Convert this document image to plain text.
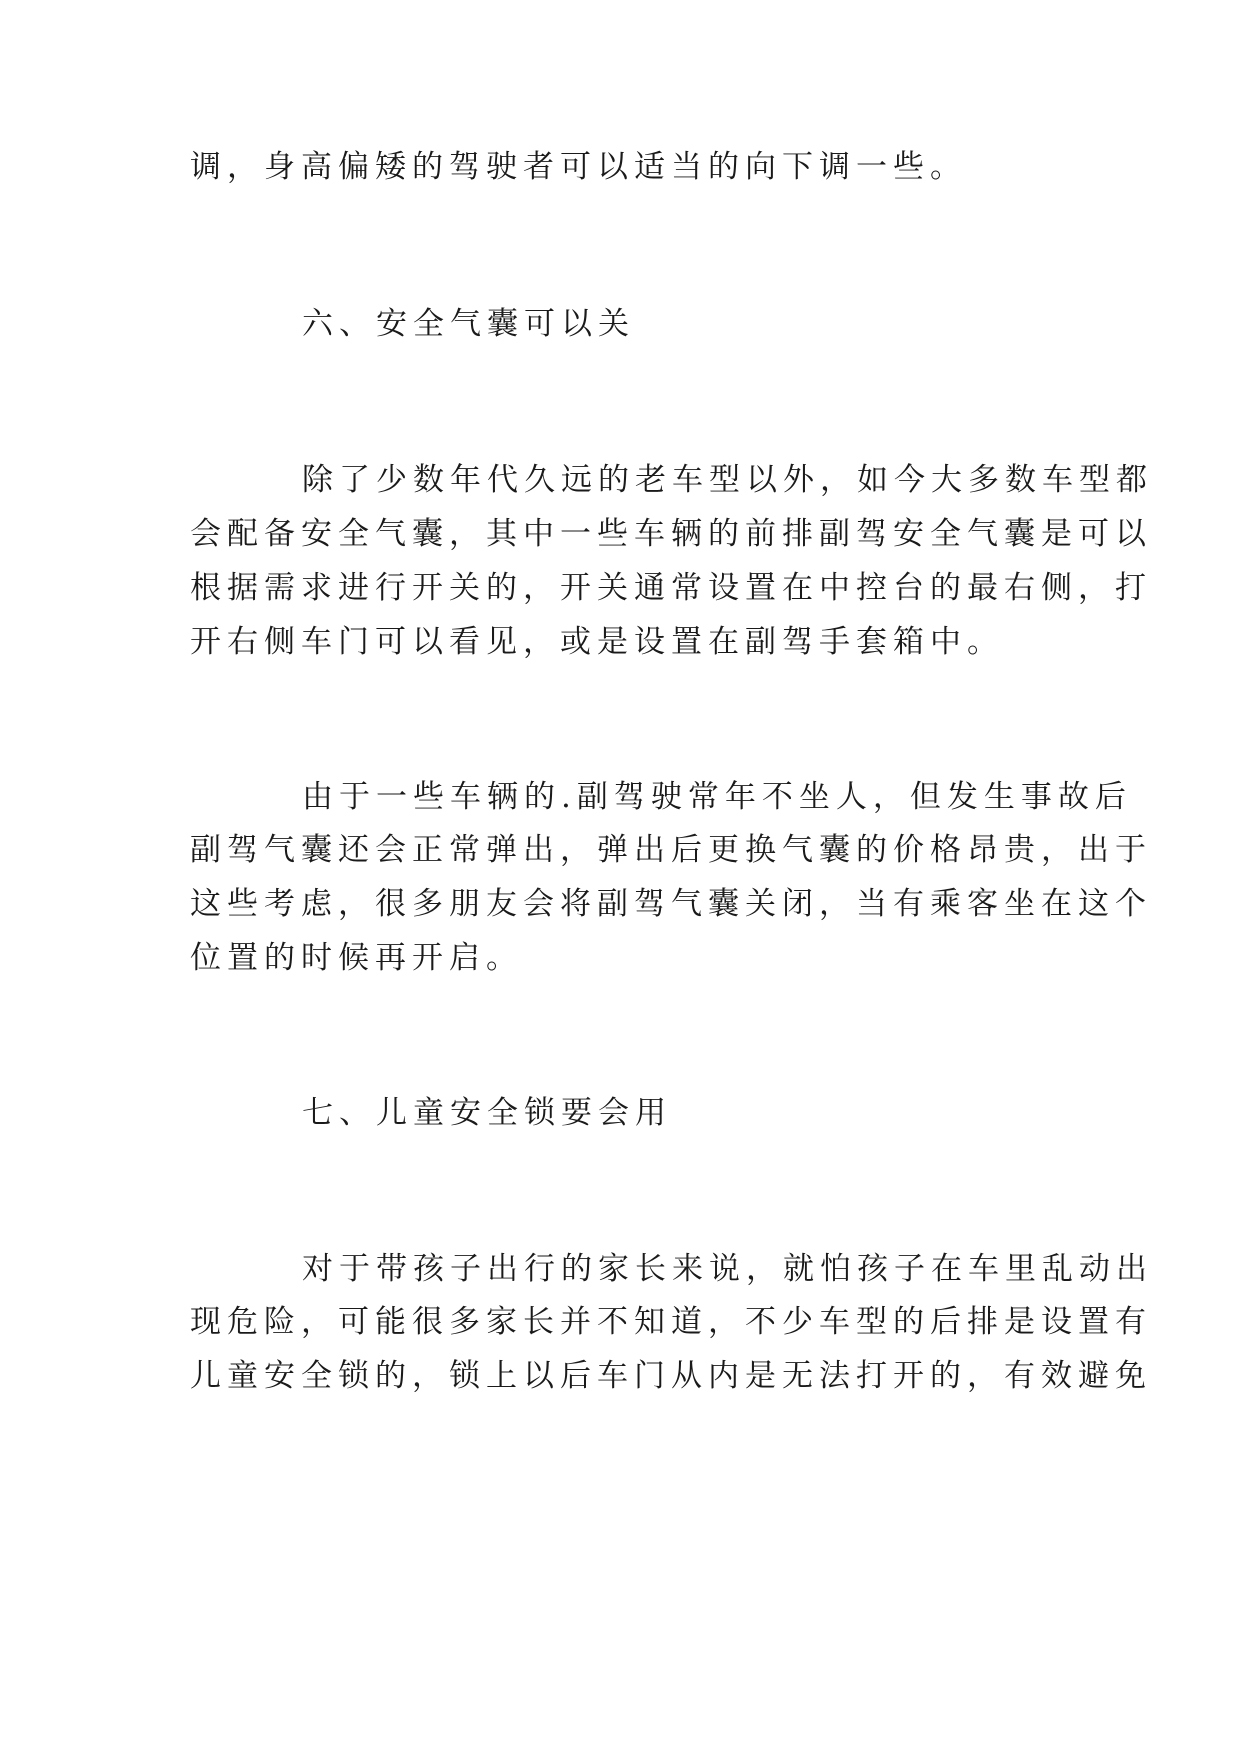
调，身高偏矮的驾驶者可以适当的向下调一些。
六、安全气囊可以关
除了少数年代久远的老车型以外，如今大多数车型都
会配备安全气囊，其中一些车辆的前排副驾安全气囊是可以
根据需求进行开关的，开关通常设置在中控台的最右侧，打
开右侧车门可以看见，或是设置在副驾手套箱中。
由于一些车辆的.副驾驶常年不坐人，但发生事故后
副驾气囊还会正常弹出，弹出后更换气囊的价格昂贵，出于
这些考虑，很多朋友会将副驾气囊关闭，当有乘客坐在这个
位置的时候再开启。
七、儿童安全锁要会用
对于带孩子出行的家长来说，就怕孩子在车里乱动出
现危险，可能很多家长并不知道，不少车型的后排是设置有
儿童安全锁的，锁上以后车门从内是无法打开的，有效避免
